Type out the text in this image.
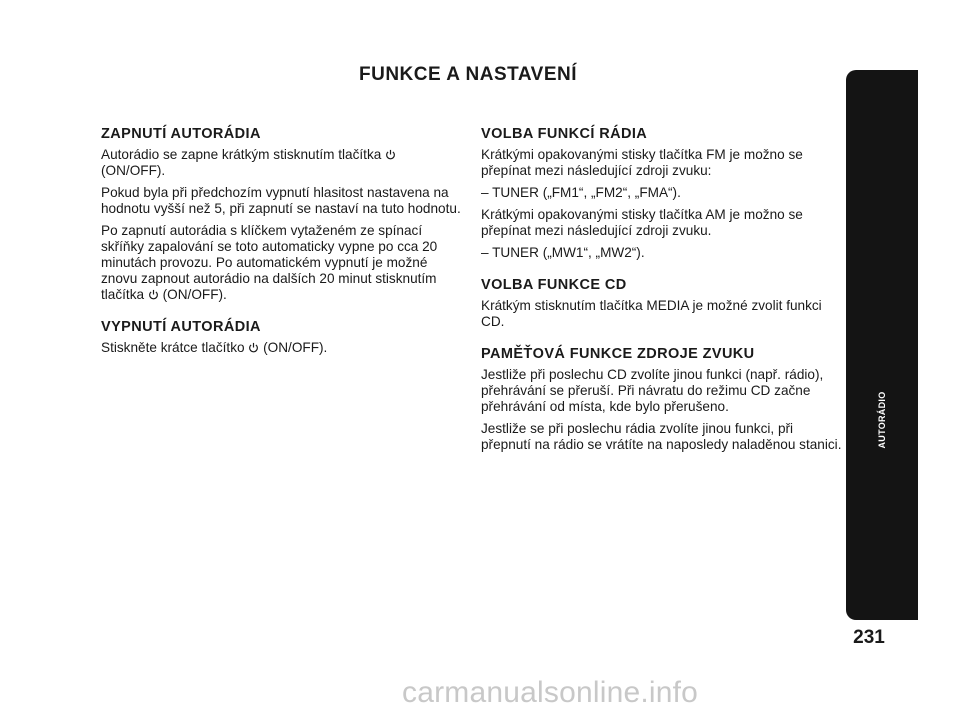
FUNKCE A NASTAVENÍ
ZAPNUTÍ AUTORÁDIA

Autorádio se zapne krátkým stisknutím tlačítka
(ON/OFF).

Pokud byla při předchozím vypnutí hlasitost nastavena na hodnotu vyšší než 5, při zapnutí se nastaví na tuto hodnotu.

Po zapnutí autorádia s klíčkem vytaženém ze spínací skříňky zapalování se toto automaticky vypne po cca 20 minutách provozu. Po automatickém vypnutí je možné znovu zapnout autorádio na dalších 20 minut stisknutím tlačítka (ON/OFF).

VYPNUTÍ AUTORÁDIA

Stiskněte krátce tlačítko (ON/OFF).

VOLBA FUNKCÍ RÁDIA

Krátkými opakovanými stisky tlačítka FM je možno se přepínat mezi následující zdroji zvuku:

– TUNER („FM1“, „FM2“, „FMA“).

Krátkými opakovanými stisky tlačítka AM je možno se přepínat mezi následující zdroji zvuku.

– TUNER („MW1“, „MW2“).

VOLBA FUNKCE CD

Krátkým stisknutím tlačítka MEDIA je možné zvolit funkci CD.

PAMĚŤOVÁ FUNKCE ZDROJE ZVUKU

Jestliže při poslechu CD zvolíte jinou funkci (např. rádio), přehrávání se přeruší. Při návratu do režimu CD začne přehrávání od místa, kde bylo přerušeno.

Jestliže se při poslechu rádia zvolíte jinou funkci, při přepnutí na rádio se vrátíte na naposledy naladěnou stanici.	AUTORÁDIO
231
carmanualsonline.info
